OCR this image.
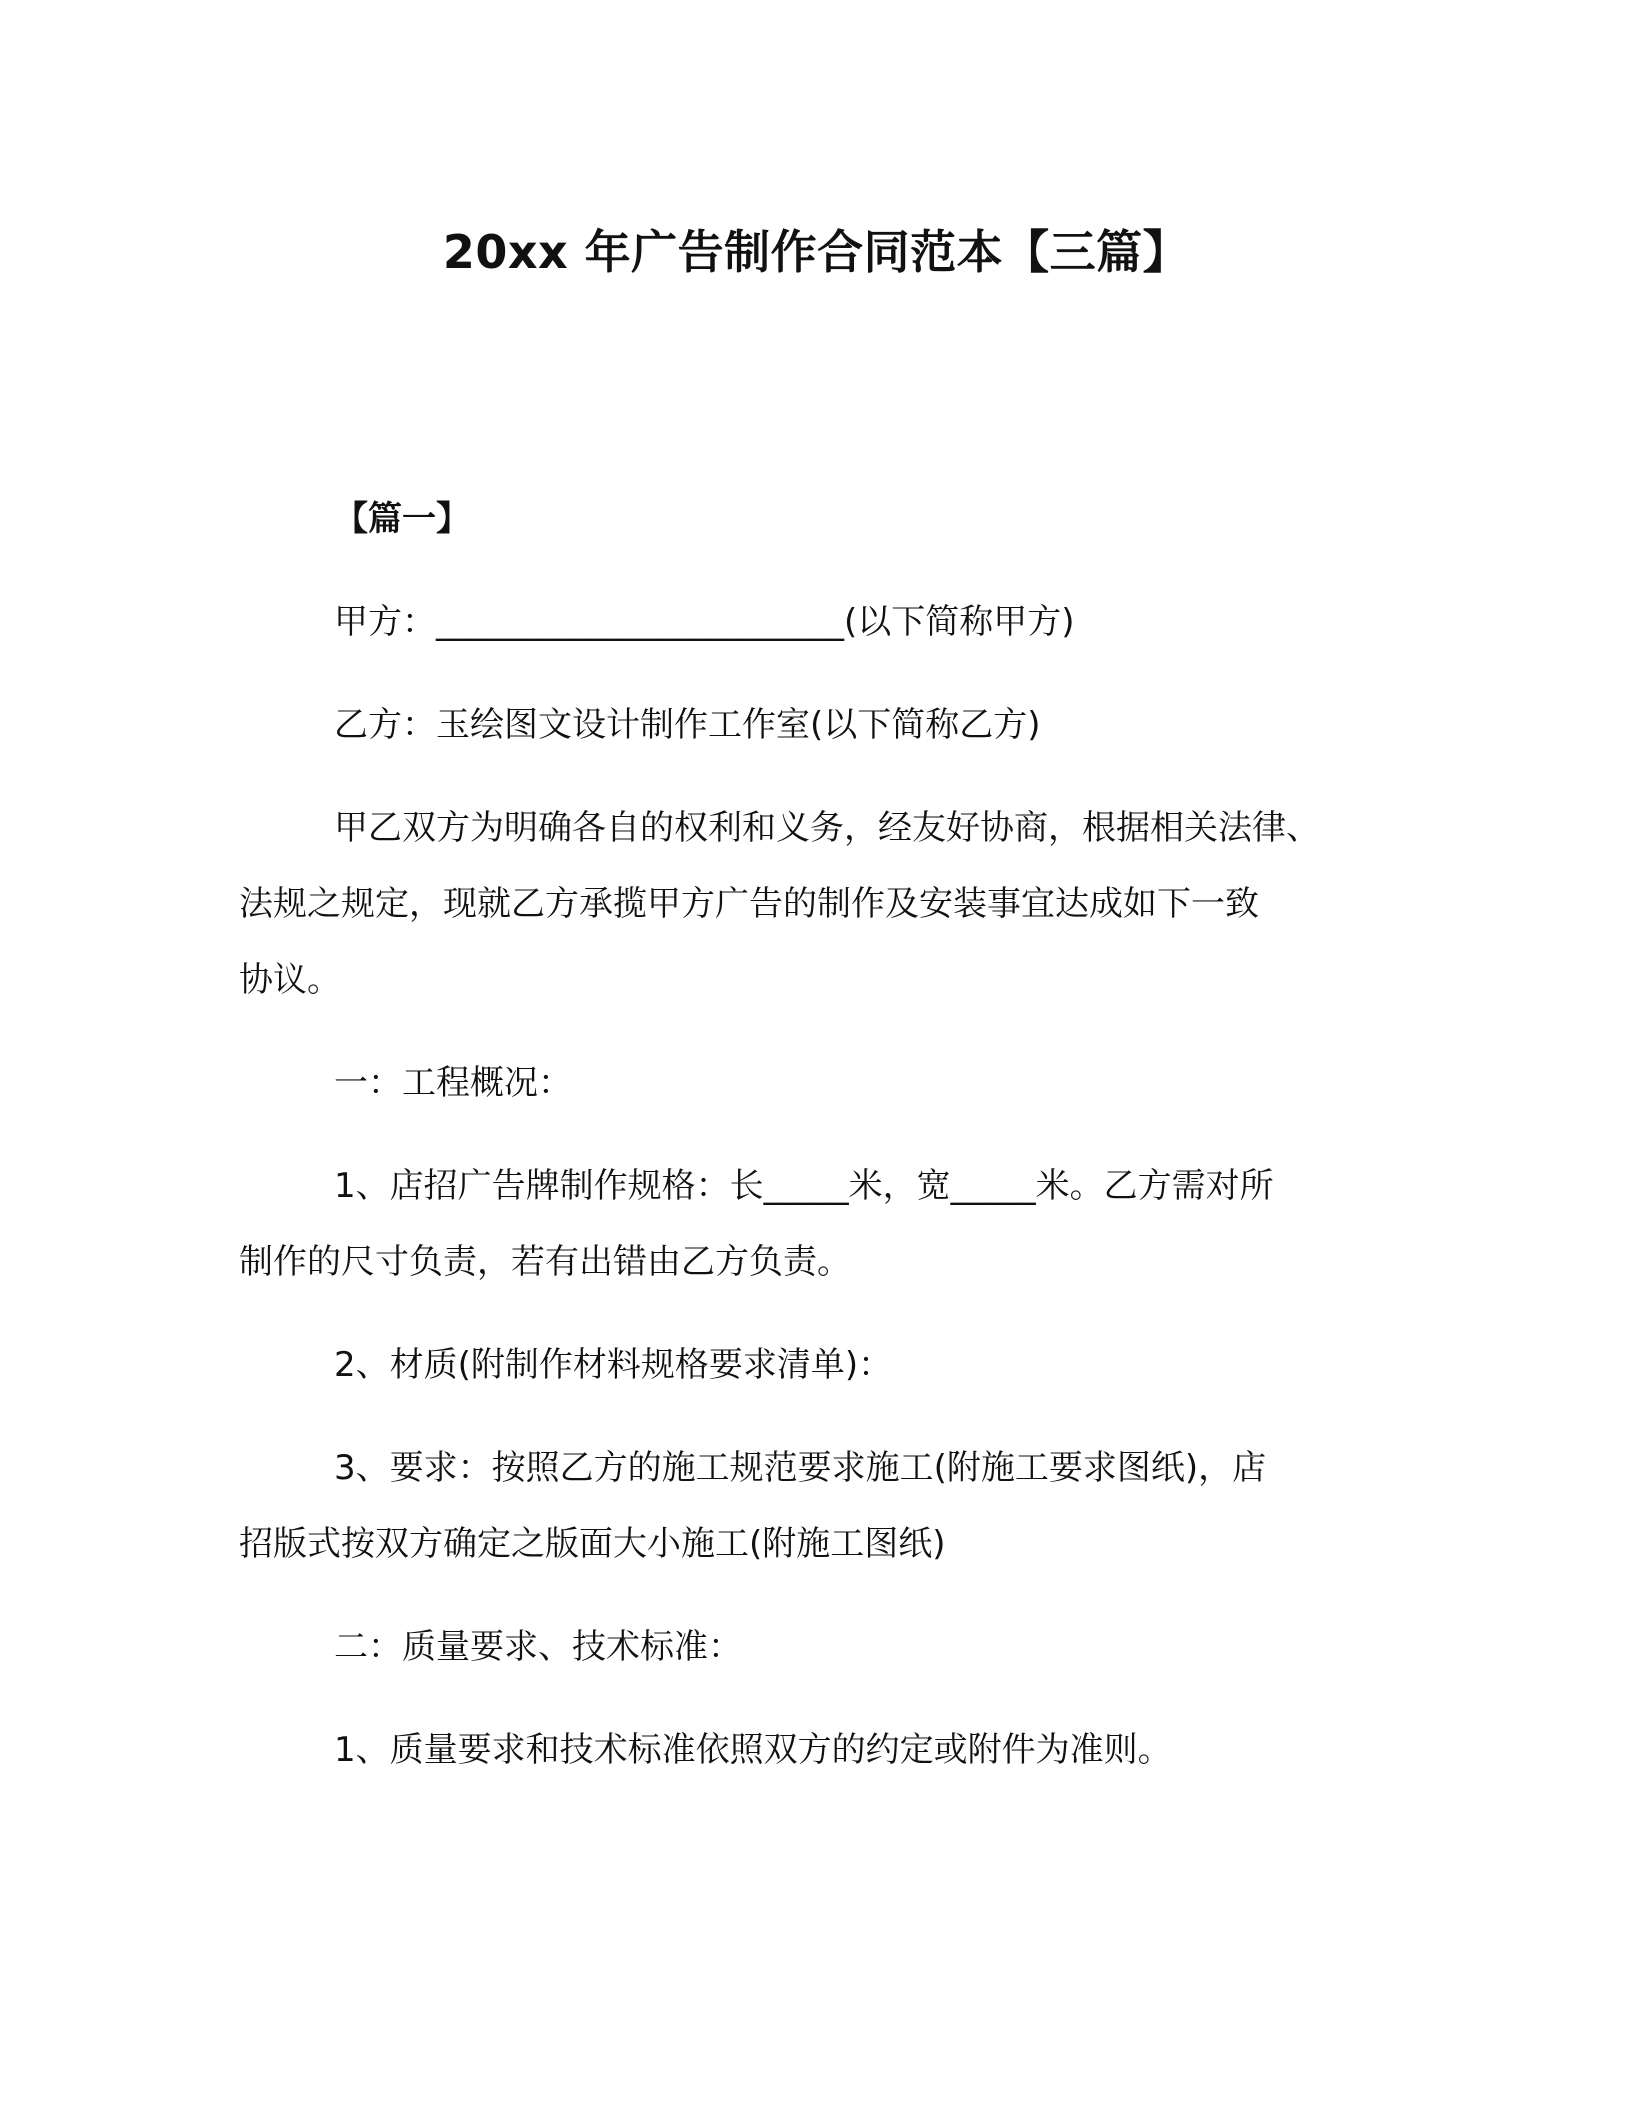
20xx 年广告制作合同范本【三篇】
【篇一】
甲方：________________________(以下简称甲方)
乙方：玉绘图文设计制作工作室(以下简称乙方)
甲乙双方为明确各自的权利和义务，经友好协商，根据相关法律、
法规之规定，现就乙方承揽甲方广告的制作及安装事宜达成如下一致
协议。
一：工程概况：
1、店招广告牌制作规格：长_____米，宽_____米。乙方需对所
制作的尺寸负责，若有出错由乙方负责。
2、材质(附制作材料规格要求清单)：
3、要求：按照乙方的施工规范要求施工(附施工要求图纸)，店
招版式按双方确定之版面大小施工(附施工图纸)
二：质量要求、技术标准：
1、质量要求和技术标准依照双方的约定或附件为准则。
